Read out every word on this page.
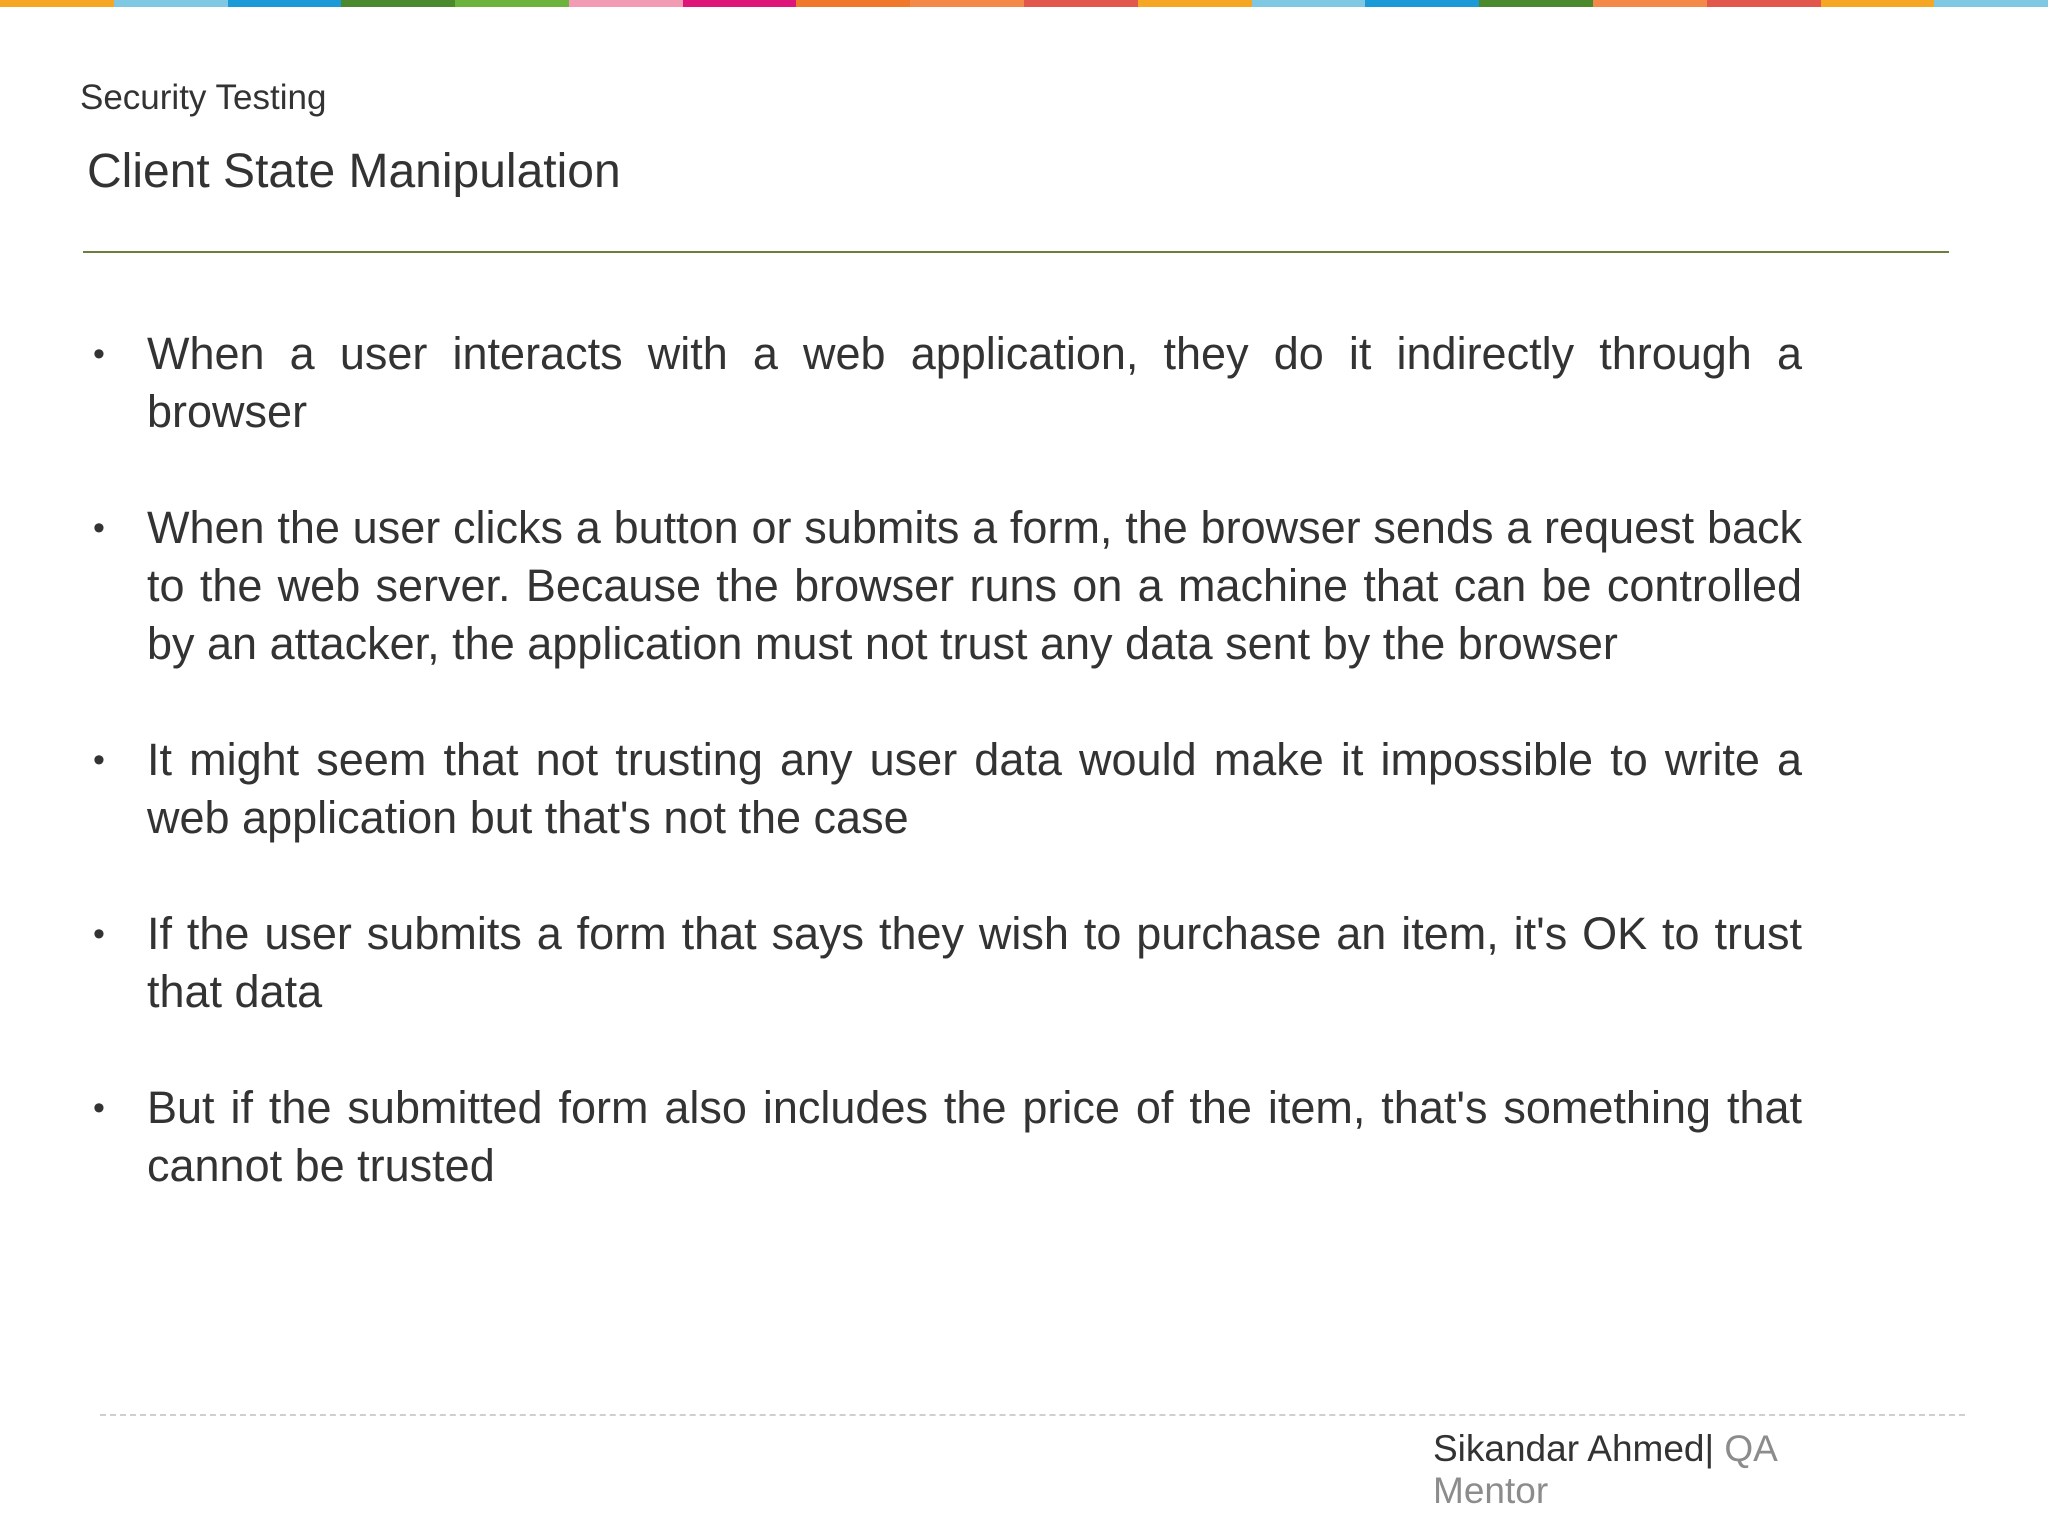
Security Testing
Client State Manipulation
• When a user interacts with a web application, they do it indirectly through a browser
• When the user clicks a button or submits a form, the browser sends a request back to the web server. Because the browser runs on a machine that can be controlled by an attacker, the application must not trust any data sent by the browser
• It might seem that not trusting any user data would make it impossible to write a web application but that's not the case
• If the user submits a form that says they wish to purchase an item, it's OK to trust that data
• But if the submitted form also includes the price of the item, that's something that cannot be trusted
Sikandar Ahmed| QA Mentor
